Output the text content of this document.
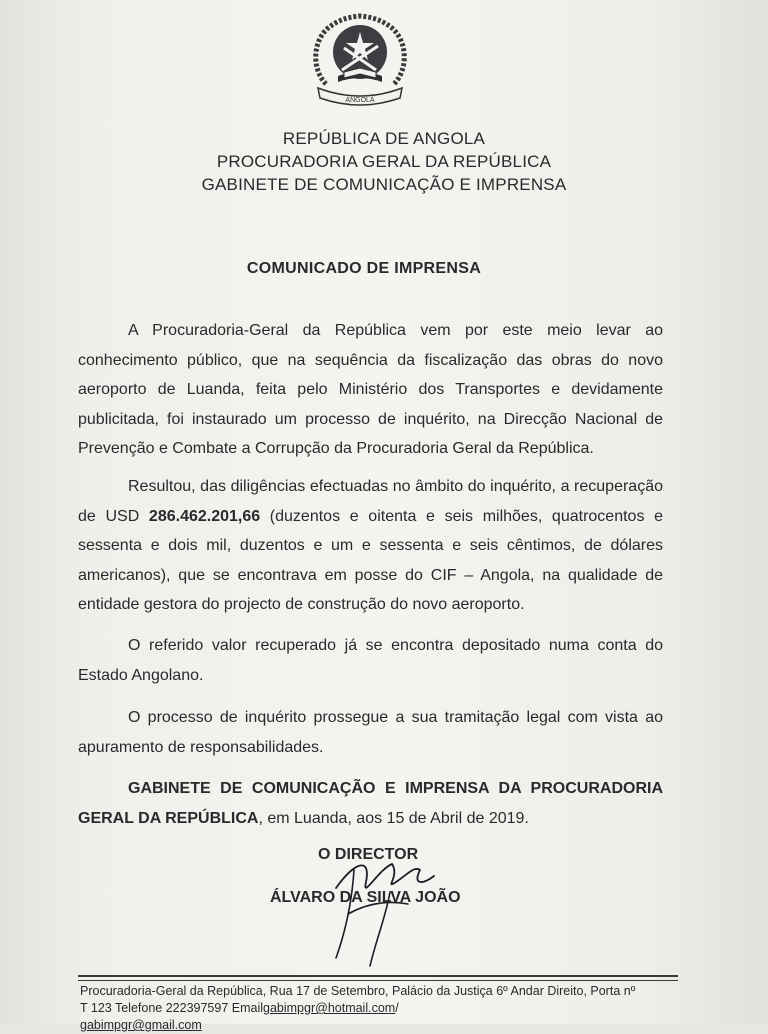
ANGOLA
REPÚBLICA DE ANGOLA
PROCURADORIA GERAL DA REPÚBLICA
GABINETE DE COMUNICAÇÃO E IMPRENSA
COMUNICADO DE IMPRENSA

A Procuradoria-Geral da República vem por este meio levar ao conhecimento público, que na sequência da fiscalização das obras do novo aeroporto de Luanda, feita pelo Ministério dos Transportes e devidamente publicitada, foi instaurado um processo de inquérito, na Direcção Nacional de Prevenção e Combate a Corrupção da Procuradoria Geral da República.

Resultou, das diligências efectuadas no âmbito do inquérito, a recuperação de USD 286.462.201,66 (duzentos e oitenta e seis milhões, quatrocentos e sessenta e dois mil, duzentos e um e sessenta e seis cêntimos, de dólares americanos), que se encontrava em posse do CIF – Angola, na qualidade de entidade gestora do projecto de construção do novo aeroporto.

O referido valor recuperado já se encontra depositado numa conta do Estado Angolano.

O processo de inquérito prossegue a sua tramitação legal com vista ao apuramento de responsabilidades.

GABINETE DE COMUNICAÇÃO E IMPRENSA DA PROCURADORIA GERAL DA REPÚBLICA, em Luanda, aos 15 de Abril de 2019.

O DIRECTOR
ÁLVARO DA SILVA JOÃO

Procuradoria-Geral da República, Rua 17 de Setembro, Palácio da Justiça 6º Andar Direito, Porta nº
T 123 Telefone 222397597 Emailgabimpgr@hotmail.com/
gabimpgr@gmail.com
